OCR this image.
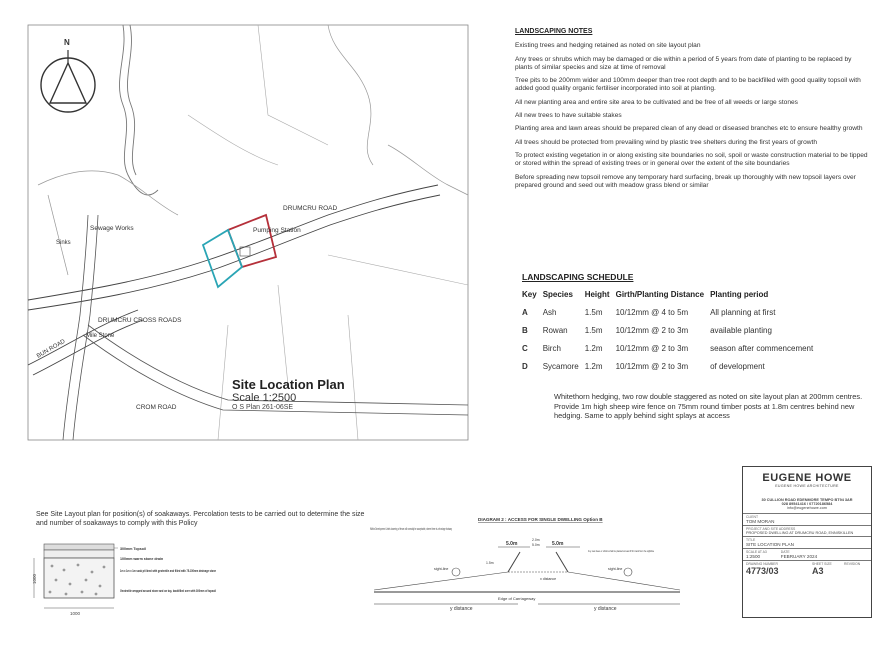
N
DRUMCRU ROAD
Pumping Station
Sewage Works
Sinks
DRUMCRU CROSS ROADS
Mile Stone
CROM ROAD
BUN ROAD
Site Location Plan
Scale 1:2500
O S Plan 261-06SE
LANDSCAPING NOTES

Existing trees and hedging retained as noted on site layout plan

Any trees or shrubs which may be damaged or die within a period of 5 years from date of planting to be replaced by plants of similar species and size at time of removal

Tree pits to be 200mm wider and 100mm deeper than tree root depth and to be backfilled with good quality topsoil with added good quality organic fertiliser incorporated into soil at planting.

All new planting area and entire site area to be cultivated and be free of all weeds or large stones

All new trees to have suitable stakes

Planting area and lawn areas should be prepared clean of any dead or diseased branches etc to ensure healthy growth

All trees should be protected from prevailing wind by plastic tree shelters during the first years of growth

To protect existing vegetation in or along existing site boundaries no soil, spoil or waste construction material to be tipped or stored within the spread of existing trees or in general over the extent of the site boundaries

Before spreading new topsoil remove any temporary hard surfacing, break up thoroughly with new topsoil layers over prepared ground and seed out with meadow grass blend or similar

LANDSCAPING SCHEDULE
Key	Species	Height	Girth/Planting Distance	Planting period
A	Ash	1.5m	10/12mm @ 4 to 5m	All planning at first
B	Rowan	1.5m	10/12mm @ 2 to 3m	available planting
C	Birch	1.2m	10/12mm @ 2 to 3m	season after commencement
D	Sycamore	1.2m	10/12mm @ 2 to 3m	of development
Whitethorn hedging, two row double staggered as noted on site layout plan at 200mm centres. Provide 1m high sheep wire fence on 75mm round timber posts at 1.8m centres behind new hedging. Same to apply behind sight splays at access
See Site Layout plan for position(s) of soakaways. Percolation tests to be carried out to determine the size and number of soakaways to comply with this Policy
1000
1000
300mm Topsoil
100mm warm stone drain
1m x 1m x 1m soak pit lined with geotextile and filled with 75-150mm drainage stone
Geotextile wrapped around stone and on top, backfilled over with 300mm of topsoil
DIAGRAM 2 : ACCESS FOR SINGLE DWELLING Option B
Within Development Limits lowering of fence will normally be acceptable, where there is a frontage footway
5.0m
2.0m
5.0m 5.0m
1.5m
sight-line	sight-line
x distance
Any new trees or shrubs shall be planted at least 0.5m back from the sightline
Edge of Carriageway
y distance	y distance
EUGENE HOWE
EUGENE HOWE ARCHITECTURE
30 CULLION ROAD EDENMORE TEMPO BT94 3AR
028 89541416 / 07720186584
info@eugenehowe.com
CLIENT
TOM MORAN
PROJECT AND SITE ADDRESS
PROPOSED DWELLING AT DRUMCRU ROAD, ENNISKILLEN
TITLE
SITE LOCATION PLAN
SCALE AT A3
1:2500
DATE
FEBRUARY 2024
DRAWING NUMBER
4773/03
SHEET SIZE
A3
REVISION
